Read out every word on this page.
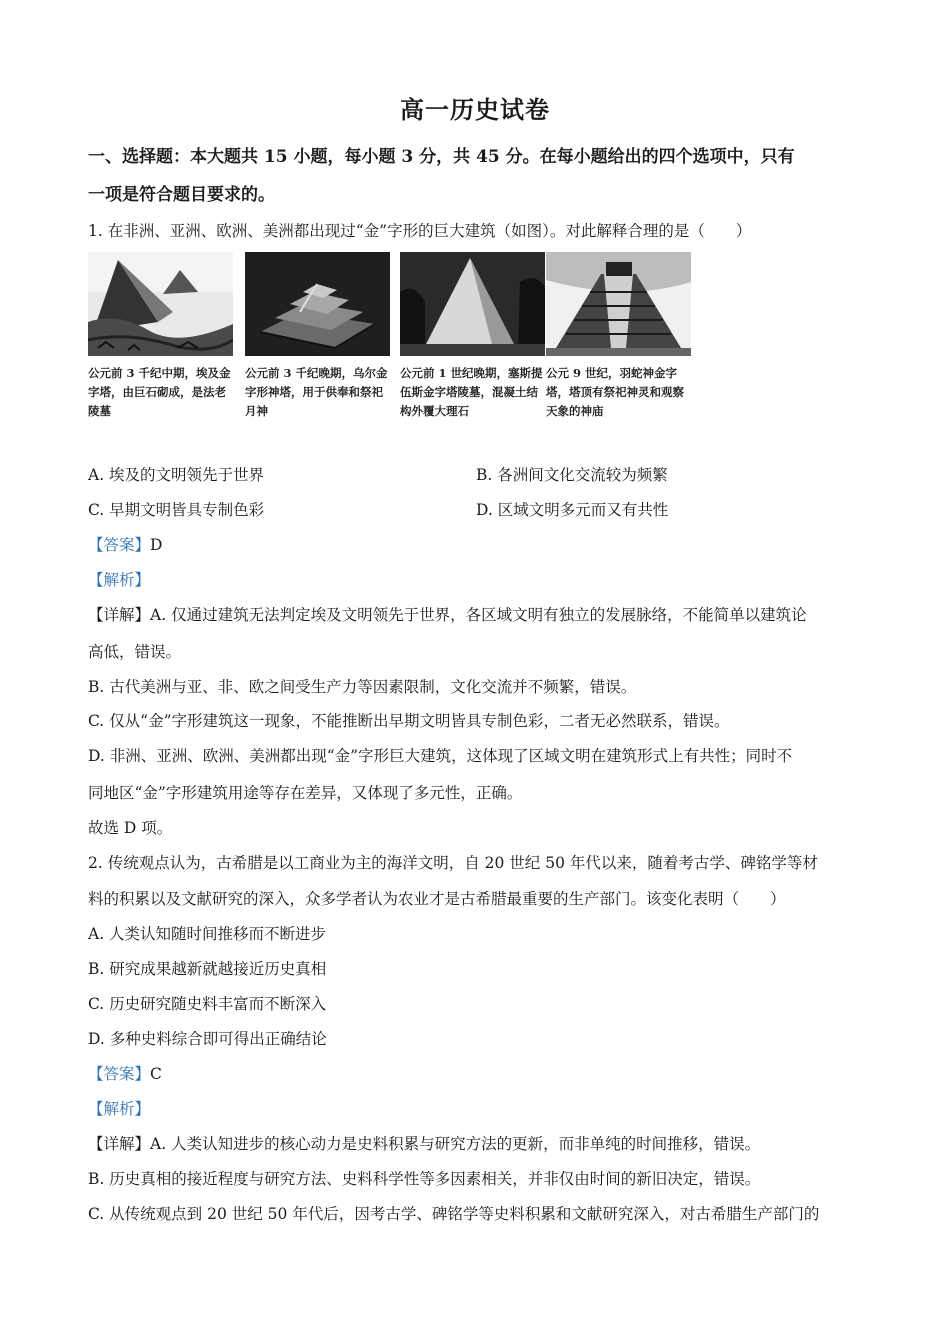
高一历史试卷
一、选择题：本大题共 15 小题，每小题 3 分，共 45 分。在每小题给出的四个选项中，只有
一项是符合题目要求的。
1. 在非洲、亚洲、欧洲、美洲都出现过“金”字形的巨大建筑（如图）。对此解释合理的是（　　）
公元前 3 千纪中期，埃及金字塔，由巨石砌成，是法老陵墓
公元前 3 千纪晚期，乌尔金字形神塔，用于供奉和祭祀月神
公元前 1 世纪晚期，塞斯提伍斯金字塔陵墓，混凝土结构外覆大理石
公元 9 世纪，羽蛇神金字塔，塔顶有祭祀神灵和观察天象的神庙
A. 埃及的文明领先于世界	B. 各洲间文化交流较为频繁
C. 早期文明皆具专制色彩	D. 区域文明多元而又有共性
【答案】D
【解析】
【详解】A. 仅通过建筑无法判定埃及文明领先于世界，各区域文明有独立的发展脉络，不能简单以建筑论
高低，错误。
B. 古代美洲与亚、非、欧之间受生产力等因素限制，文化交流并不频繁，错误。
C. 仅从“金”字形建筑这一现象，不能推断出早期文明皆具专制色彩，二者无必然联系，错误。
D. 非洲、亚洲、欧洲、美洲都出现“金”字形巨大建筑，这体现了区域文明在建筑形式上有共性；同时不
同地区“金”字形建筑用途等存在差异，又体现了多元性，正确。
故选 D 项。
2. 传统观点认为，古希腊是以工商业为主的海洋文明，自 20 世纪 50 年代以来，随着考古学、碑铭学等材
料的积累以及文献研究的深入，众多学者认为农业才是古希腊最重要的生产部门。该变化表明（　　）
A. 人类认知随时间推移而不断进步
B. 研究成果越新就越接近历史真相
C. 历史研究随史料丰富而不断深入
D. 多种史料综合即可得出正确结论
【答案】C
【解析】
【详解】A. 人类认知进步的核心动力是史料积累与研究方法的更新，而非单纯的时间推移，错误。
B. 历史真相的接近程度与研究方法、史料科学性等多因素相关，并非仅由时间的新旧决定，错误。
C. 从传统观点到 20 世纪 50 年代后，因考古学、碑铭学等史料积累和文献研究深入，对古希腊生产部门的
